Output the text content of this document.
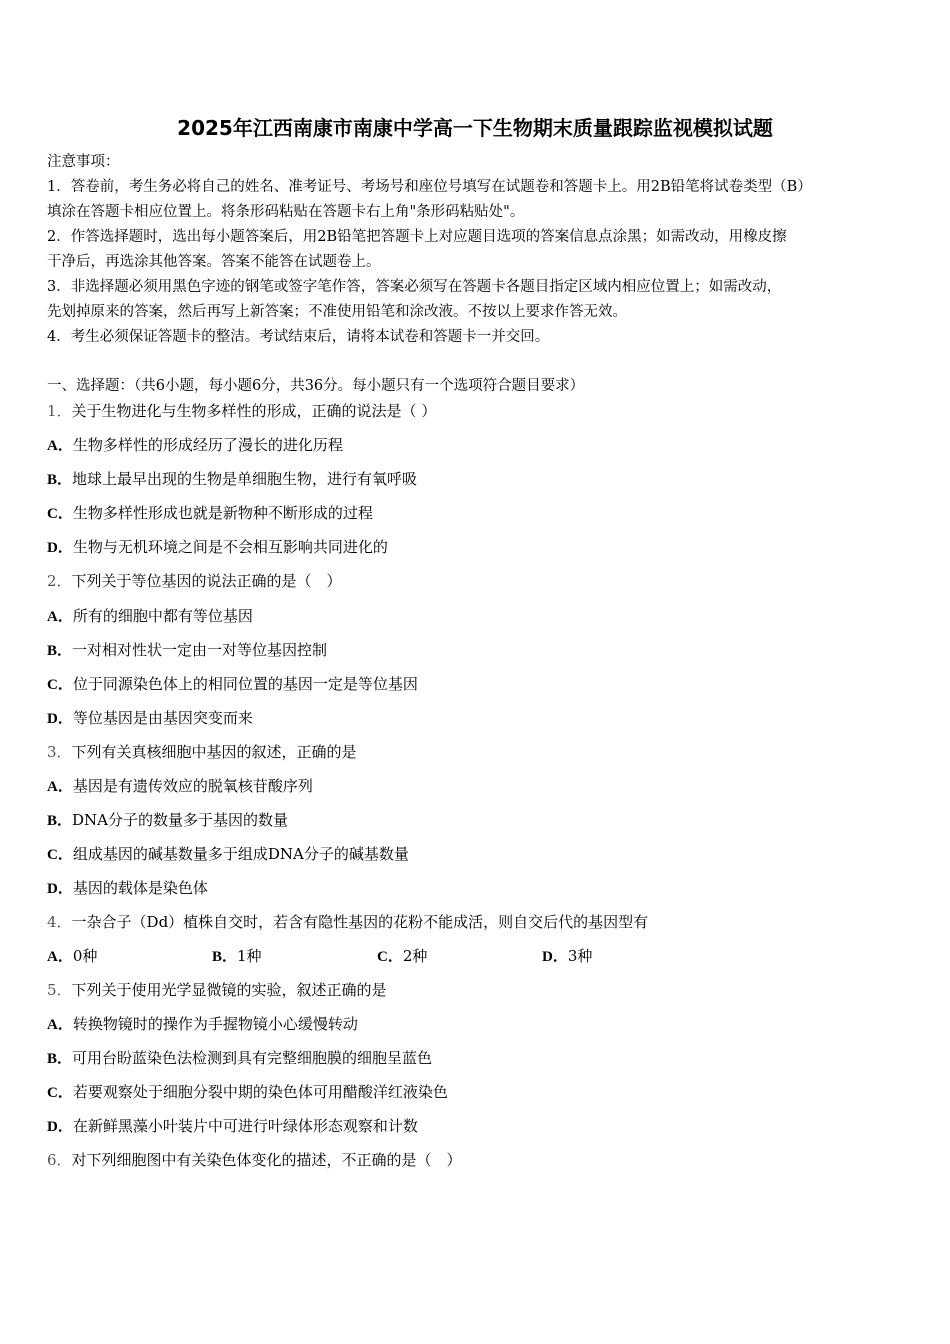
2025年江西南康市南康中学高一下生物期末质量跟踪监视模拟试题

注意事项：

1．答卷前，考生务必将自己的姓名、准考证号、考场号和座位号填写在试题卷和答题卡上。用2B铅笔将试卷类型（B）

填涂在答题卡相应位置上。将条形码粘贴在答题卡右上角"条形码粘贴处"。

2．作答选择题时，选出每小题答案后，用2B铅笔把答题卡上对应题目选项的答案信息点涂黑；如需改动，用橡皮擦

干净后，再选涂其他答案。答案不能答在试题卷上。

3．非选择题必须用黑色字迹的钢笔或签字笔作答，答案必须写在答题卡各题目指定区域内相应位置上；如需改动，

先划掉原来的答案，然后再写上新答案；不准使用铅笔和涂改液。不按以上要求作答无效。

4．考生必须保证答题卡的整洁。考试结束后，请将本试卷和答题卡一并交回。

一、选择题：（共6小题，每小题6分，共36分。每小题只有一个选项符合题目要求）
1．关于生物进化与生物多样性的形成，正确的说法是（ ）
A．生物多样性的形成经历了漫长的进化历程
B．地球上最早出现的生物是单细胞生物，进行有氧呼吸
C．生物多样性形成也就是新物种不断形成的过程
D．生物与无机环境之间是不会相互影响共同进化的
2．下列关于等位基因的说法正确的是（　）
A．所有的细胞中都有等位基因
B．一对相对性状一定由一对等位基因控制
C．位于同源染色体上的相同位置的基因一定是等位基因
D．等位基因是由基因突变而来
3．下列有关真核细胞中基因的叙述，正确的是
A．基因是有遗传效应的脱氧核苷酸序列
B．DNA分子的数量多于基因的数量
C．组成基因的碱基数量多于组成DNA分子的碱基数量
D．基因的载体是染色体
4．一杂合子（Dd）植株自交时，若含有隐性基因的花粉不能成活，则自交后代的基因型有
A．0种	B．1种	C．2种	D．3种
5．下列关于使用光学显微镜的实验，叙述正确的是
A．转换物镜时的操作为手握物镜小心缓慢转动
B．可用台盼蓝染色法检测到具有完整细胞膜的细胞呈蓝色
C．若要观察处于细胞分裂中期的染色体可用醋酸洋红液染色
D．在新鲜黑藻小叶装片中可进行叶绿体形态观察和计数
6．对下列细胞图中有关染色体变化的描述，不正确的是（　）
